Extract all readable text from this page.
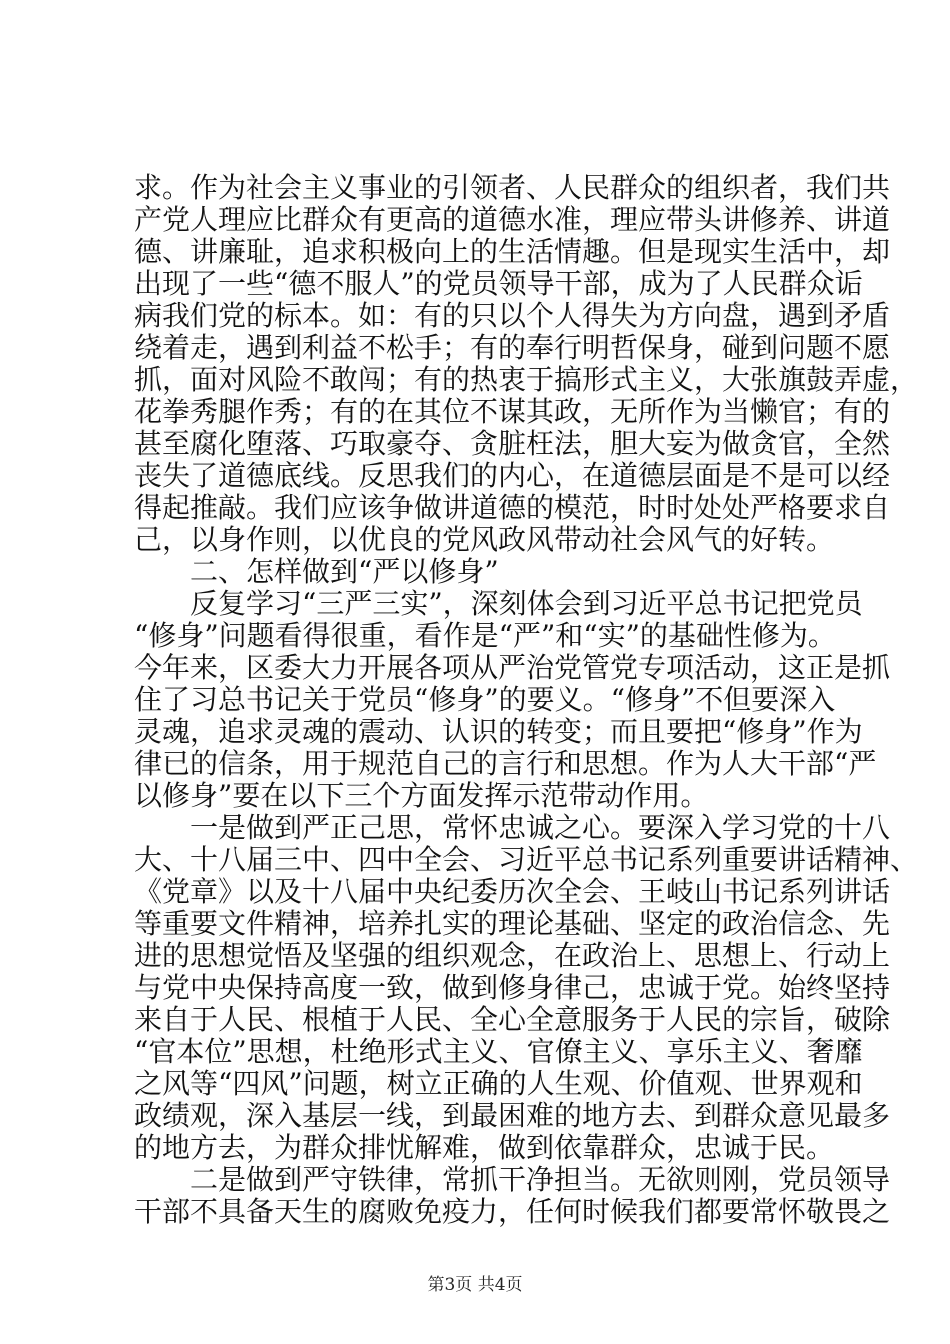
求。作为社会主义事业的引领者、人民群众的组织者，我们共
产党人理应比群众有更高的道德水准，理应带头讲修养、讲道
德、讲廉耻，追求积极向上的生活情趣。但是现实生活中，却
出现了一些“德不服人”的党员领导干部，成为了人民群众诟
病我们党的标本。如：有的只以个人得失为方向盘，遇到矛盾
绕着走，遇到利益不松手；有的奉行明哲保身，碰到问题不愿
抓，面对风险不敢闯；有的热衷于搞形式主义，大张旗鼓弄虚，
花拳秀腿作秀；有的在其位不谋其政，无所作为当懒官；有的
甚至腐化堕落、巧取豪夺、贪脏枉法，胆大妄为做贪官，全然
丧失了道德底线。反思我们的内心，在道德层面是不是可以经
得起推敲。我们应该争做讲道德的模范，时时处处严格要求自
己，以身作则，以优良的党风政风带动社会风气的好转。
二、怎样做到“严以修身”
反复学习“三严三实”，深刻体会到习近平总书记把党员
“修身”问题看得很重，看作是“严”和“实”的基础性修为。
今年来，区委大力开展各项从严治党管党专项活动，这正是抓
住了习总书记关于党员“修身”的要义。“修身”不但要深入
灵魂，追求灵魂的震动、认识的转变；而且要把“修身”作为
律已的信条，用于规范自己的言行和思想。作为人大干部“严
以修身”要在以下三个方面发挥示范带动作用。
一是做到严正己思，常怀忠诚之心。要深入学习党的十八
大、十八届三中、四中全会、习近平总书记系列重要讲话精神、
《党章》以及十八届中央纪委历次全会、王岐山书记系列讲话
等重要文件精神，培养扎实的理论基础、坚定的政治信念、先
进的思想觉悟及坚强的组织观念，在政治上、思想上、行动上
与党中央保持高度一致，做到修身律己，忠诚于党。始终坚持
来自于人民、根植于人民、全心全意服务于人民的宗旨，破除
“官本位”思想，杜绝形式主义、官僚主义、享乐主义、奢靡
之风等“四风”问题，树立正确的人生观、价值观、世界观和
政绩观，深入基层一线，到最困难的地方去、到群众意见最多
的地方去，为群众排忧解难，做到依靠群众，忠诚于民。
二是做到严守铁律，常抓干净担当。无欲则刚，党员领导
干部不具备天生的腐败免疫力，任何时候我们都要常怀敬畏之
第3页 共4页
